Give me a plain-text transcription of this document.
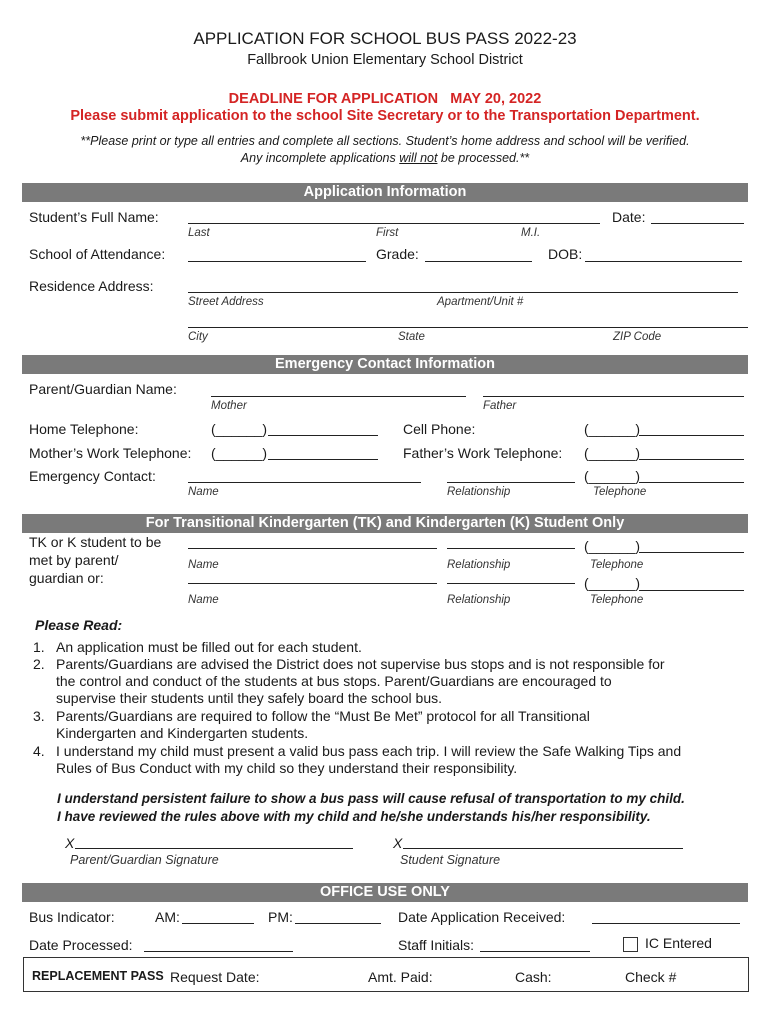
APPLICATION FOR SCHOOL BUS PASS 2022-23
Fallbrook Union Elementary School District
DEADLINE FOR APPLICATION   MAY 20, 2022
Please submit application to the school Site Secretary or to the Transportation Department.
**Please print or type all entries and complete all sections. Student’s home address and school will be verified.
Any incomplete applications will not be processed.**
Application Information
Student’s Full Name:
Last	First	M.I.
Date:
School of Attendance:	Grade:	DOB:
Residence Address:
Street Address	Apartment/Unit #
City	State	ZIP Code
Emergency Contact Information
Parent/Guardian Name:
Mother	Father
Home Telephone:	(______)	Cell Phone:	(______)
Mother’s Work Telephone: (______)	Father’s Work Telephone: (______)
Emergency Contact:	(______)
Name	Relationship	Telephone
For Transitional Kindergarten (TK) and Kindergarten (K) Student Only
TK or K student to be
met by parent/
guardian or:
(______)
Name	Relationship	Telephone
(______)
Name	Relationship	Telephone
Please Read:
1. An application must be filled out for each student.
2. Parents/Guardians are advised the District does not supervise bus stops and is not responsible for
the control and conduct of the students at bus stops. Parent/Guardians are encouraged to
supervise their students until they safely board the school bus.
3. Parents/Guardians are required to follow the “Must Be Met” protocol for all Transitional
Kindergarten and Kindergarten students.
4. I understand my child must present a valid bus pass each trip. I will review the Safe Walking Tips and
Rules of Bus Conduct with my child so they understand their responsibility.
I understand persistent failure to show a bus pass will cause refusal of transportation to my child.
I have reviewed the rules above with my child and he/she understands his/her responsibility.
X
Parent/Guardian Signature
X
Student Signature
OFFICE USE ONLY
Bus Indicator:	AM:	PM:	Date Application Received:
Date Processed:	Staff Initials:	IC Entered
REPLACEMENT PASS Request Date:	Amt. Paid:	Cash:	Check #
